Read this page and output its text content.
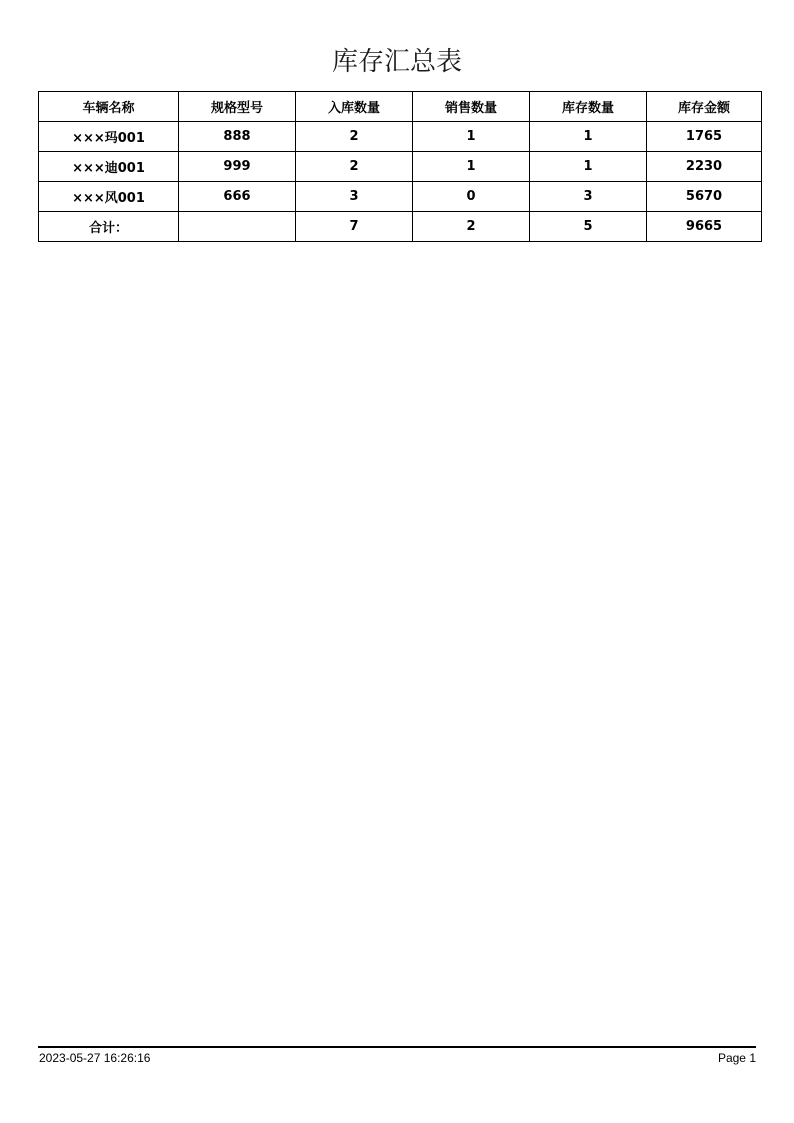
库存汇总表
车辆名称	规格型号	入库数量	销售数量	库存数量	库存金额
×××玛001	888	2	1	1	1765
×××迪001	999	2	1	1	2230
×××风001	666	3	0	3	5670
合计：		7	2	5	9665
2023-05-27 16:26:16	Page 1
